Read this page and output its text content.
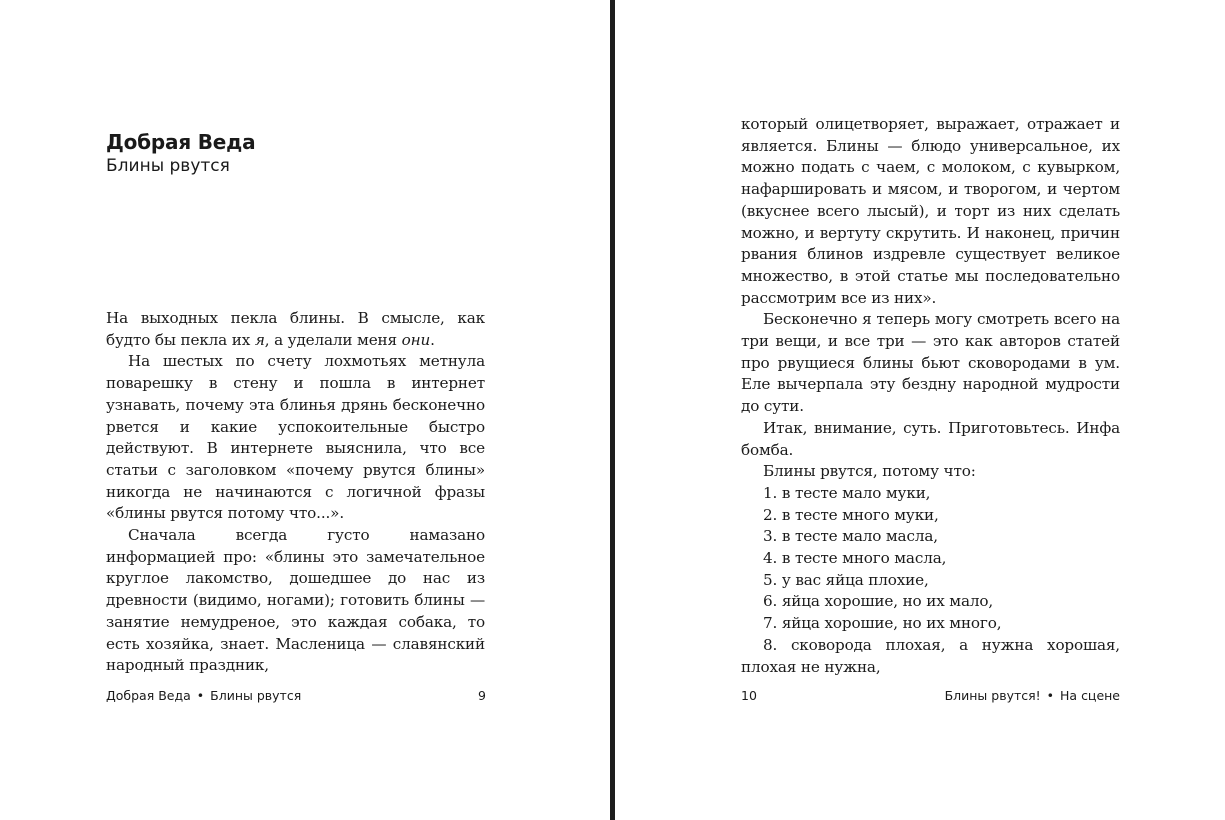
Добрая Веда
Блины рвутся

На выходных пекла блины. В смысле, как будто бы пекла их я, а уделали меня они.

На шестых по счету лохмотьях метнула поварешку в стену и пошла в интернет узнавать, почему эта блинья дрянь бесконечно рвется и какие успокоительные быстро действуют. В интернете выяснила, что все статьи с заголовком «почему рвутся блины» никогда не начинаются с логичной фразы «блины рвутся потому что...».

Сначала всегда густо намазано информацией про: «блины это замечательное круглое лакомство, дошедшее до нас из древности (видимо, ногами); готовить блины — занятие немудреное, это каждая собака, то есть хозяйка, знает. Масленица — славянский народный праздник,

Добрая Веда • Блины рвутся	9

который олицетворяет, выражает, отражает и является. Блины — блюдо универсальное, их можно подать с чаем, с молоком, с кувырком, нафаршировать и мясом, и творогом, и чертом (вкуснее всего лысый), и торт из них сделать можно, и вертуту скрутить. И наконец, причин рвания блинов издревле существует великое множество, в этой статье мы последовательно рассмотрим все из них».

Бесконечно я теперь могу смотреть всего на три вещи, и все три — это как авторов статей про рвущиеся блины бьют сковородами в ум. Еле вычерпала эту бездну народной мудрости до сути.

Итак, внимание, суть. Приготовьтесь. Инфа бомба.

Блины рвутся, потому что:

1. в тесте мало муки,

2. в тесте много муки,

3. в тесте мало масла,

4. в тесте много масла,

5. у вас яйца плохие,

6. яйца хорошие, но их мало,

7. яйца хорошие, но их много,

8. сковорода плохая, а нужна хорошая, плохая не нужна,

10	Блины рвутся! • На сцене
